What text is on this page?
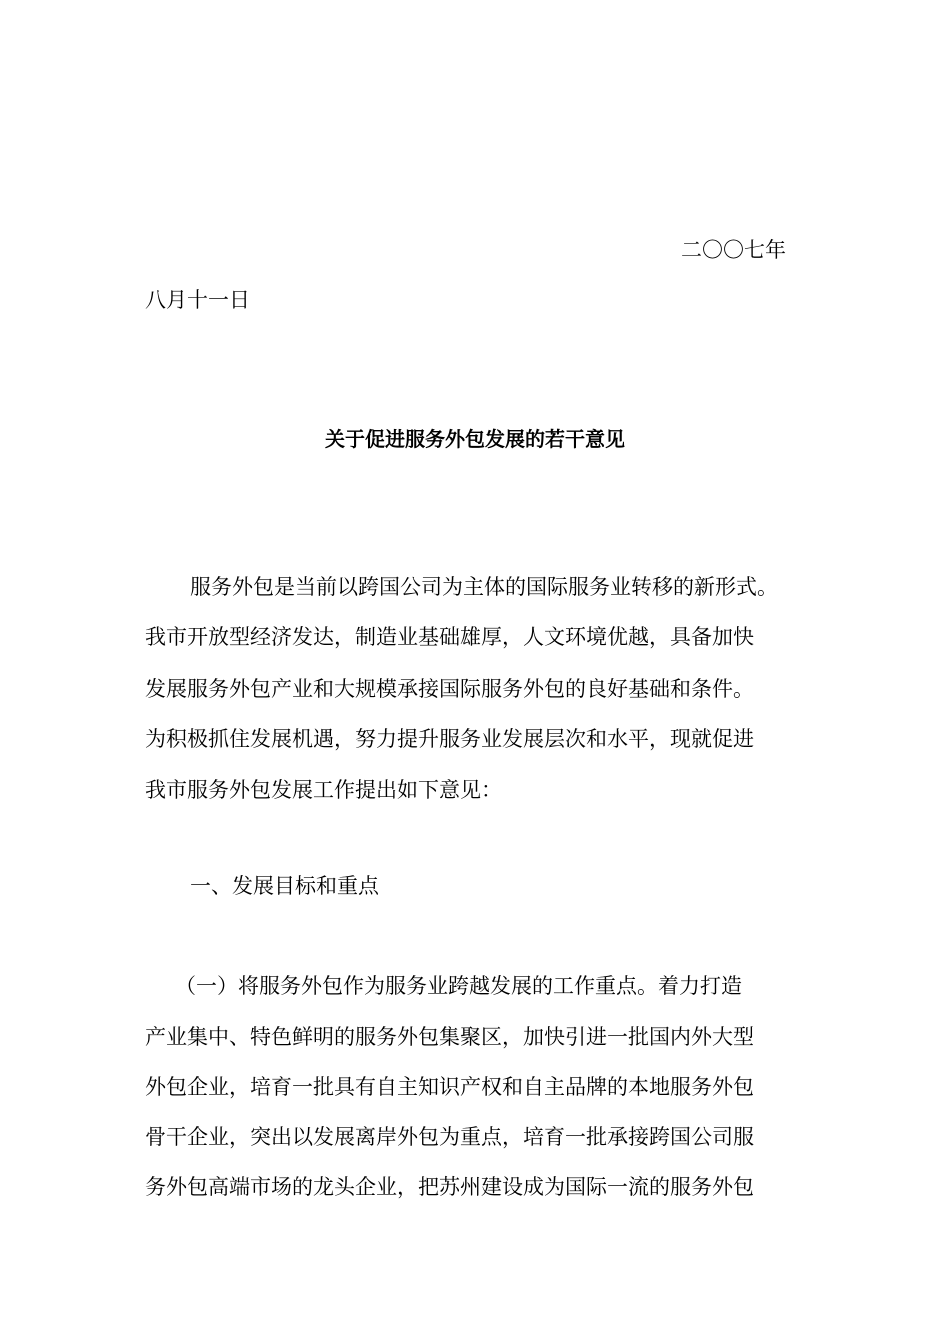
二〇〇七年
八月十一日
关于促进服务外包发展的若干意见
服务外包是当前以跨国公司为主体的国际服务业转移的新形式。
我市开放型经济发达，制造业基础雄厚，人文环境优越，具备加快
发展服务外包产业和大规模承接国际服务外包的良好基础和条件。
为积极抓住发展机遇，努力提升服务业发展层次和水平，现就促进
我市服务外包发展工作提出如下意见：
一、发展目标和重点
（一）将服务外包作为服务业跨越发展的工作重点。着力打造
产业集中、特色鲜明的服务外包集聚区，加快引进一批国内外大型
外包企业，培育一批具有自主知识产权和自主品牌的本地服务外包
骨干企业，突出以发展离岸外包为重点，培育一批承接跨国公司服
务外包高端市场的龙头企业，把苏州建设成为国际一流的服务外包
